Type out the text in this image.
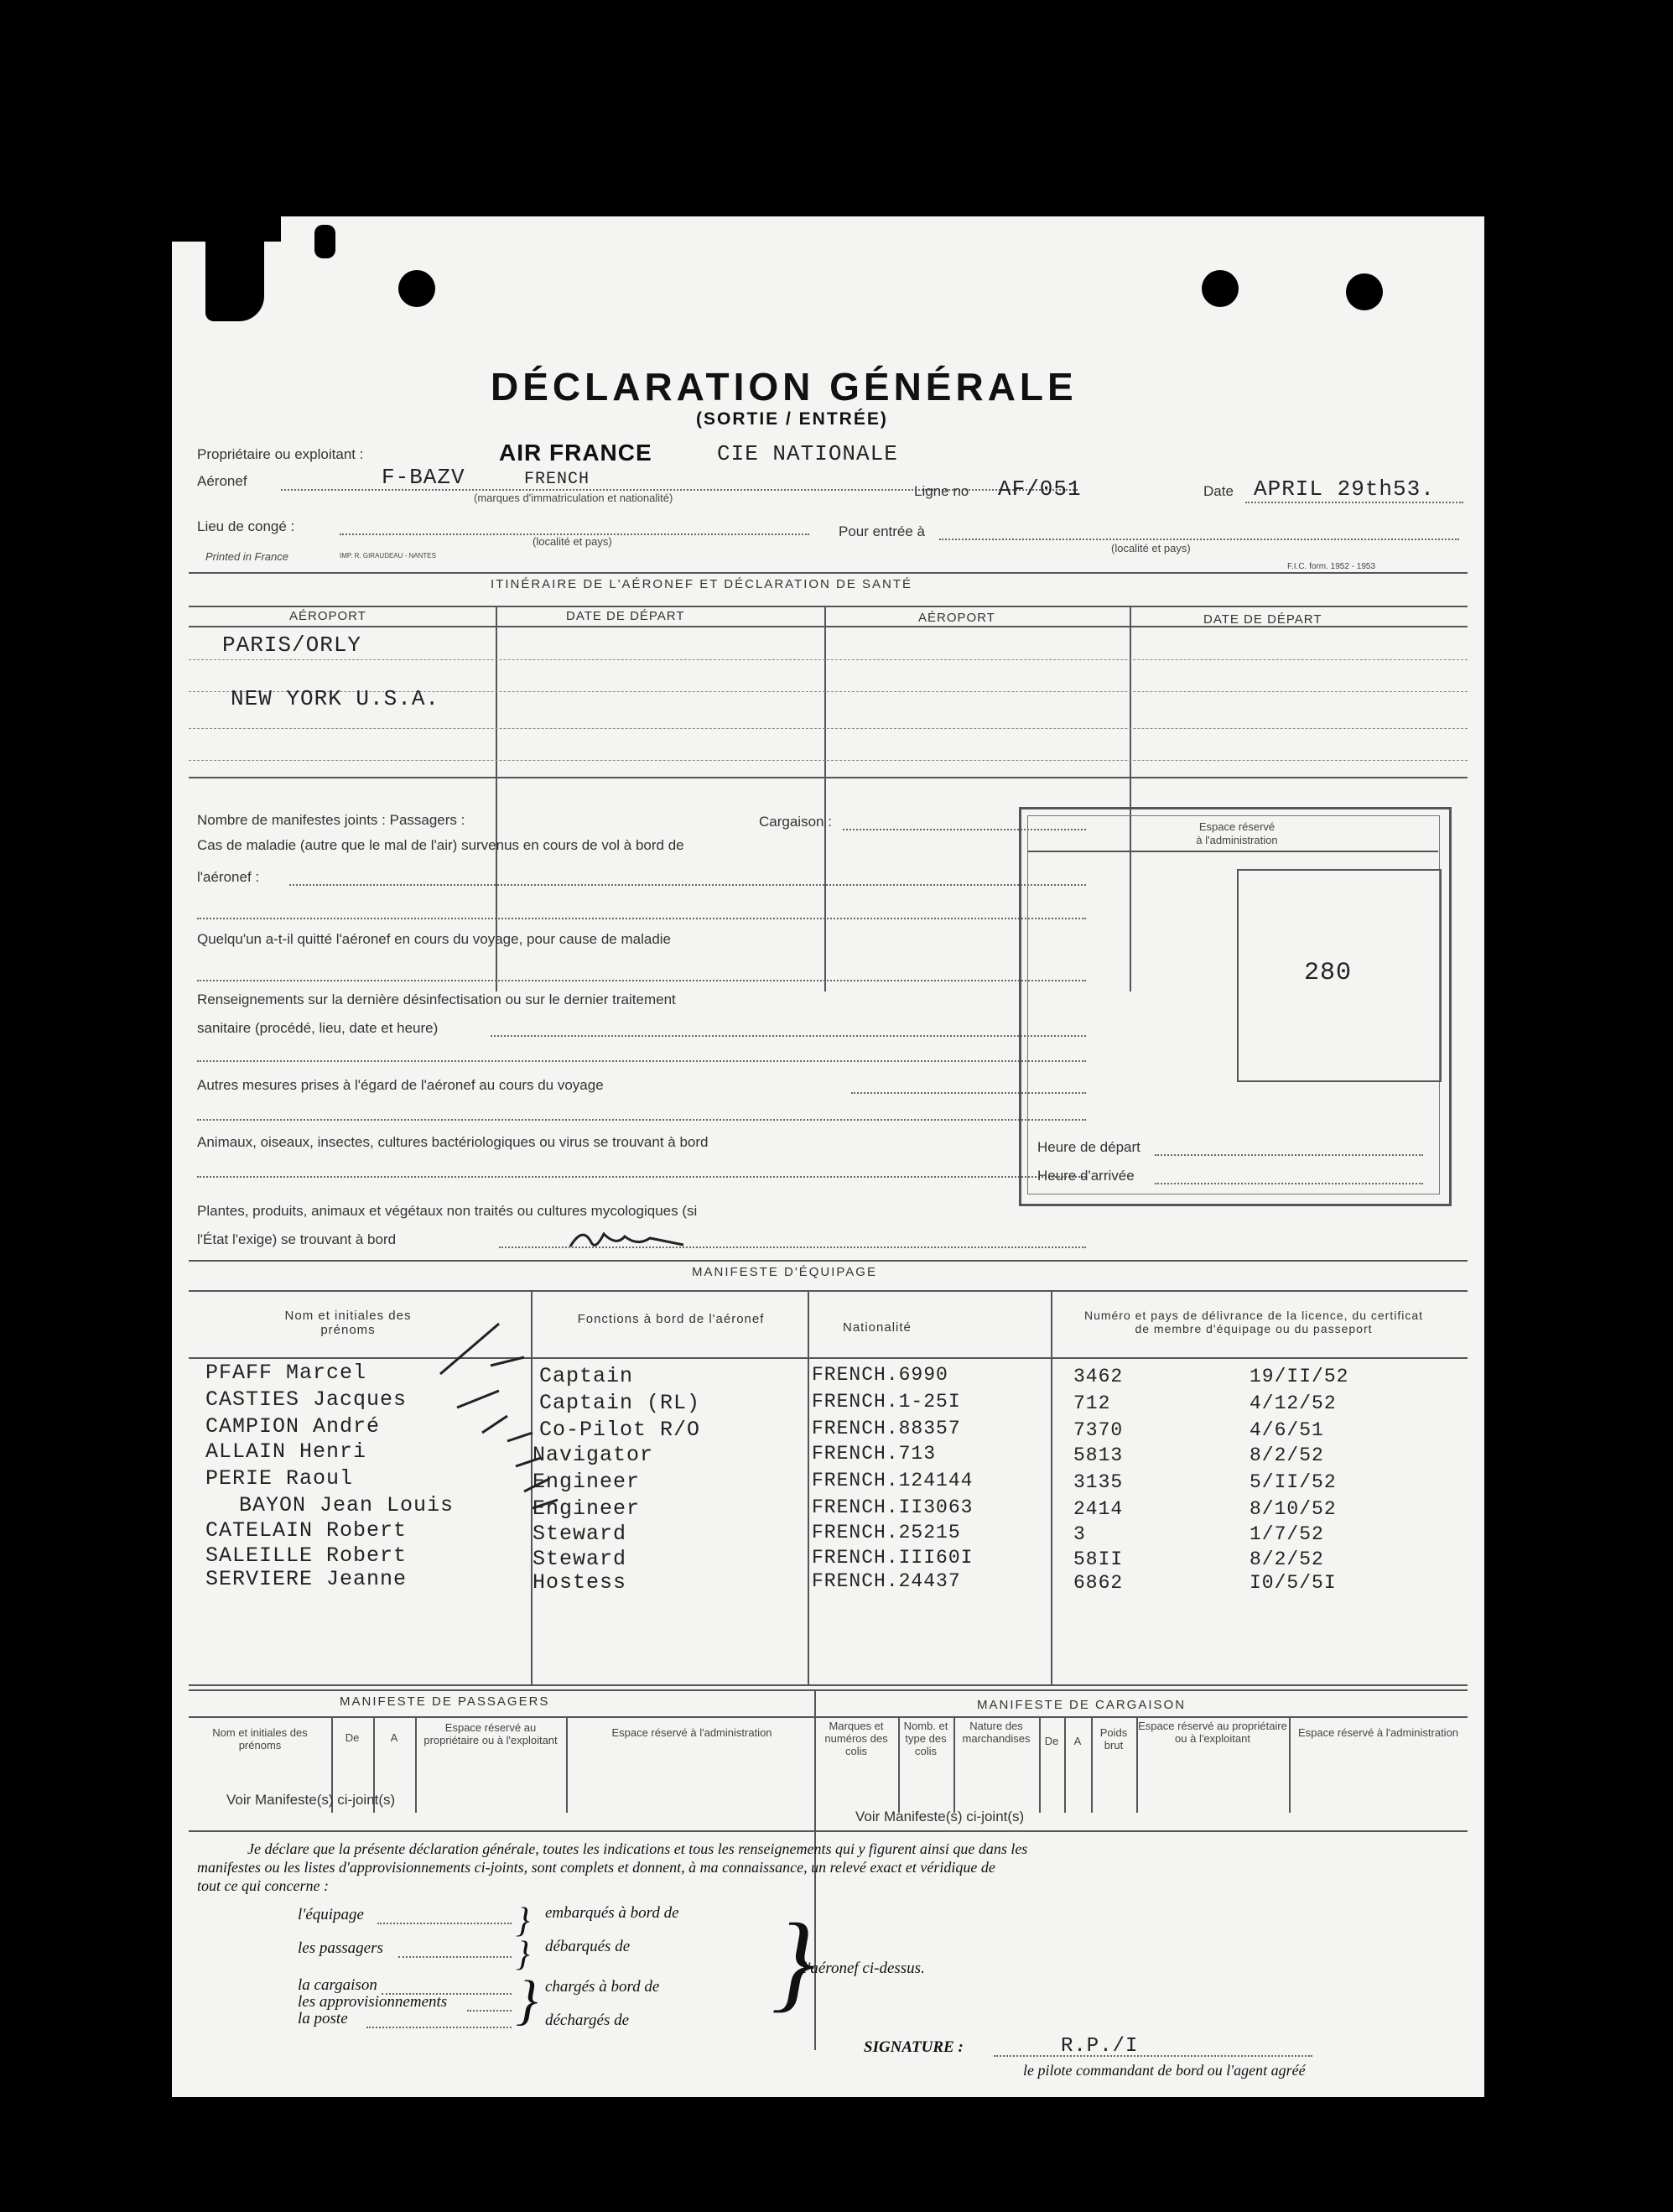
DÉCLARATION GÉNÉRALE
(SORTIE / ENTRÉE)
Propriétaire ou exploitant :	AIR FRANCE	CIE NATIONALE
Aéronef	F-BAZV	FRENCH
(marques d'immatriculation et nationalité)	Ligne no AF/051	Date APRIL 29th53.
Lieu de congé :
(localité et pays)
Pour entrée à
(localité et pays)
Printed in France	IMP. R. GIRAUDEAU - NANTES
F.I.C. form. 1952 - 1953
ITINÉRAIRE DE L'AÉRONEF ET DÉCLARATION DE SANTÉ
AÉROPORT	DATE DE DÉPART	AÉROPORT	DATE DE DÉPART
PARIS/ORLY
NEW YORK U.S.A.
Nombre de manifestes joints : Passagers :	Cargaison :
Cas de maladie (autre que le mal de l'air) survenus en cours de vol à bord de
l'aéronef :
Quelqu'un a-t-il quitté l'aéronef en cours du voyage, pour cause de maladie
Renseignements sur la dernière désinfectisation ou sur le dernier traitement
sanitaire (procédé, lieu, date et heure)
Autres mesures prises à l'égard de l'aéronef au cours du voyage
Animaux, oiseaux, insectes, cultures bactériologiques ou virus se trouvant à bord
Plantes, produits, animaux et végétaux non traités ou cultures mycologiques (si
l'État l'exige) se trouvant à bord
Espace réservé
à l'administration
280
Heure de départ
Heure d'arrivée
MANIFESTE D'ÉQUIPAGE
Nom et initiales des prénoms
Fonctions à bord de l'aéronef
Nationalité
Numéro et pays de délivrance de la licence, du certificat de membre d'équipage ou du passeport
PFAFF Marcel	Captain	FRENCH.6990	3462	19/II/52
CASTIES Jacques	Captain (RL)	FRENCH.1-25I	712	4/12/52
CAMPION André	Co-Pilot R/O	FRENCH.88357	7370	4/6/51
ALLAIN Henri	Navigator	FRENCH.713	5813	8/2/52
PERIE Raoul	Engineer	FRENCH.124144	3135	5/II/52
BAYON Jean Louis	Engineer	FRENCH.II3063	2414	8/10/52
CATELAIN Robert	Steward	FRENCH.25215	3	1/7/52
SALEILLE Robert	Steward	FRENCH.III60I	58II	8/2/52
SERVIERE Jeanne	Hostess	FRENCH.24437	6862	I0/5/5I
MANIFESTE DE PASSAGERS	MANIFESTE DE CARGAISON
Nom et initiales des prénoms
De	A
Espace réservé au propriétaire ou à l'exploitant
Espace réservé à l'administration
Voir Manifeste(s) ci-joint(s)
Marques et numéros des colis
Nomb. et type des colis
Nature des marchandises	De	A
Poids brut
Espace réservé au propriétaire ou à l'exploitant	Espace réservé à l'administration
Voir Manifeste(s) ci-joint(s)
Je déclare que la présente déclaration générale, toutes les indications et tous les renseignements qui y figurent ainsi que dans les
manifestes ou les listes d'approvisionnements ci-joints, sont complets et donnent, à ma connaissance, un relevé exact et véridique de
tout ce qui concerne :
l'équipage
les passagers
la cargaison
les approvisionnements
la poste
}
}
}
embarqués à bord de
débarqués de
chargés à bord de
déchargés de }
l'aéronef ci-dessus.
SIGNATURE :	R.P./I
le pilote commandant de bord ou l'agent agréé
